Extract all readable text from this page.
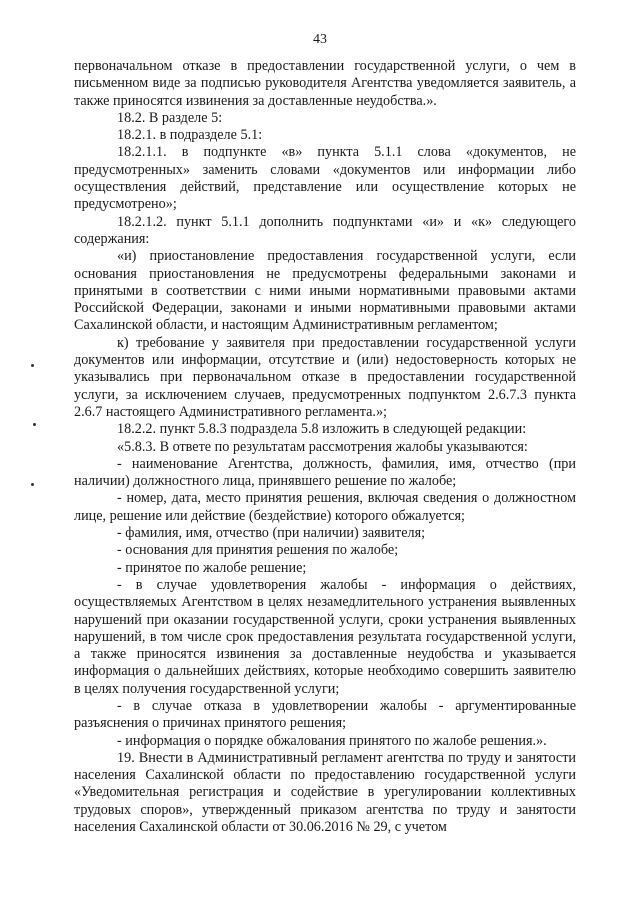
43

первоначальном отказе в предоставлении государственной услуги, о чем в письменном виде за подписью руководителя Агентства уведомляется заявитель, а также приносятся извинения за доставленные неудобства.».

18.2. В разделе 5:

18.2.1. в подразделе 5.1:

18.2.1.1. в подпункте «в» пункта 5.1.1 слова «документов, не предусмотренных» заменить словами «документов или информации либо осуществления действий, представление или осуществление которых не предусмотрено»;

18.2.1.2. пункт 5.1.1 дополнить подпунктами «и» и «к» следующего содержания:

«и) приостановление предоставления государственной услуги, если основания приостановления не предусмотрены федеральными законами и принятыми в соответствии с ними иными нормативными правовыми актами Российской Федерации, законами и иными нормативными правовыми актами Сахалинской области, и настоящим Административным регламентом;

к) требование у заявителя при предоставлении государственной услуги документов или информации, отсутствие и (или) недостоверность которых не указывались при первоначальном отказе в предоставлении государственной услуги, за исключением случаев, предусмотренных подпунктом 2.6.7.3 пункта 2.6.7 настоящего Административного регламента.»;

18.2.2. пункт 5.8.3 подраздела 5.8 изложить в следующей редакции:

«5.8.3. В ответе по результатам рассмотрения жалобы указываются:

- наименование Агентства, должность, фамилия, имя, отчество (при наличии) должностного лица, принявшего решение по жалобе;

- номер, дата, место принятия решения, включая сведения о должностном лице, решение или действие (бездействие) которого обжалуется;

- фамилия, имя, отчество (при наличии) заявителя;

- основания для принятия решения по жалобе;

- принятое по жалобе решение;

- в случае удовлетворения жалобы - информация о действиях, осуществляемых Агентством в целях незамедлительного устранения выявленных нарушений при оказании государственной услуги, сроки устранения выявленных нарушений, в том числе срок предоставления результата государственной услуги, а также приносятся извинения за доставленные неудобства и указывается информация о дальнейших действиях, которые необходимо совершить заявителю в целях получения государственной услуги;

- в случае отказа в удовлетворении жалобы - аргументированные разъяснения о причинах принятого решения;

- информация о порядке обжалования принятого по жалобе решения.».

19. Внести в Административный регламент агентства по труду и занятости населения Сахалинской области по предоставлению государственной услуги «Уведомительная регистрация и содействие в урегулировании коллективных трудовых споров», утвержденный приказом агентства по труду и занятости населения Сахалинской области от 30.06.2016 № 29, с учетом
